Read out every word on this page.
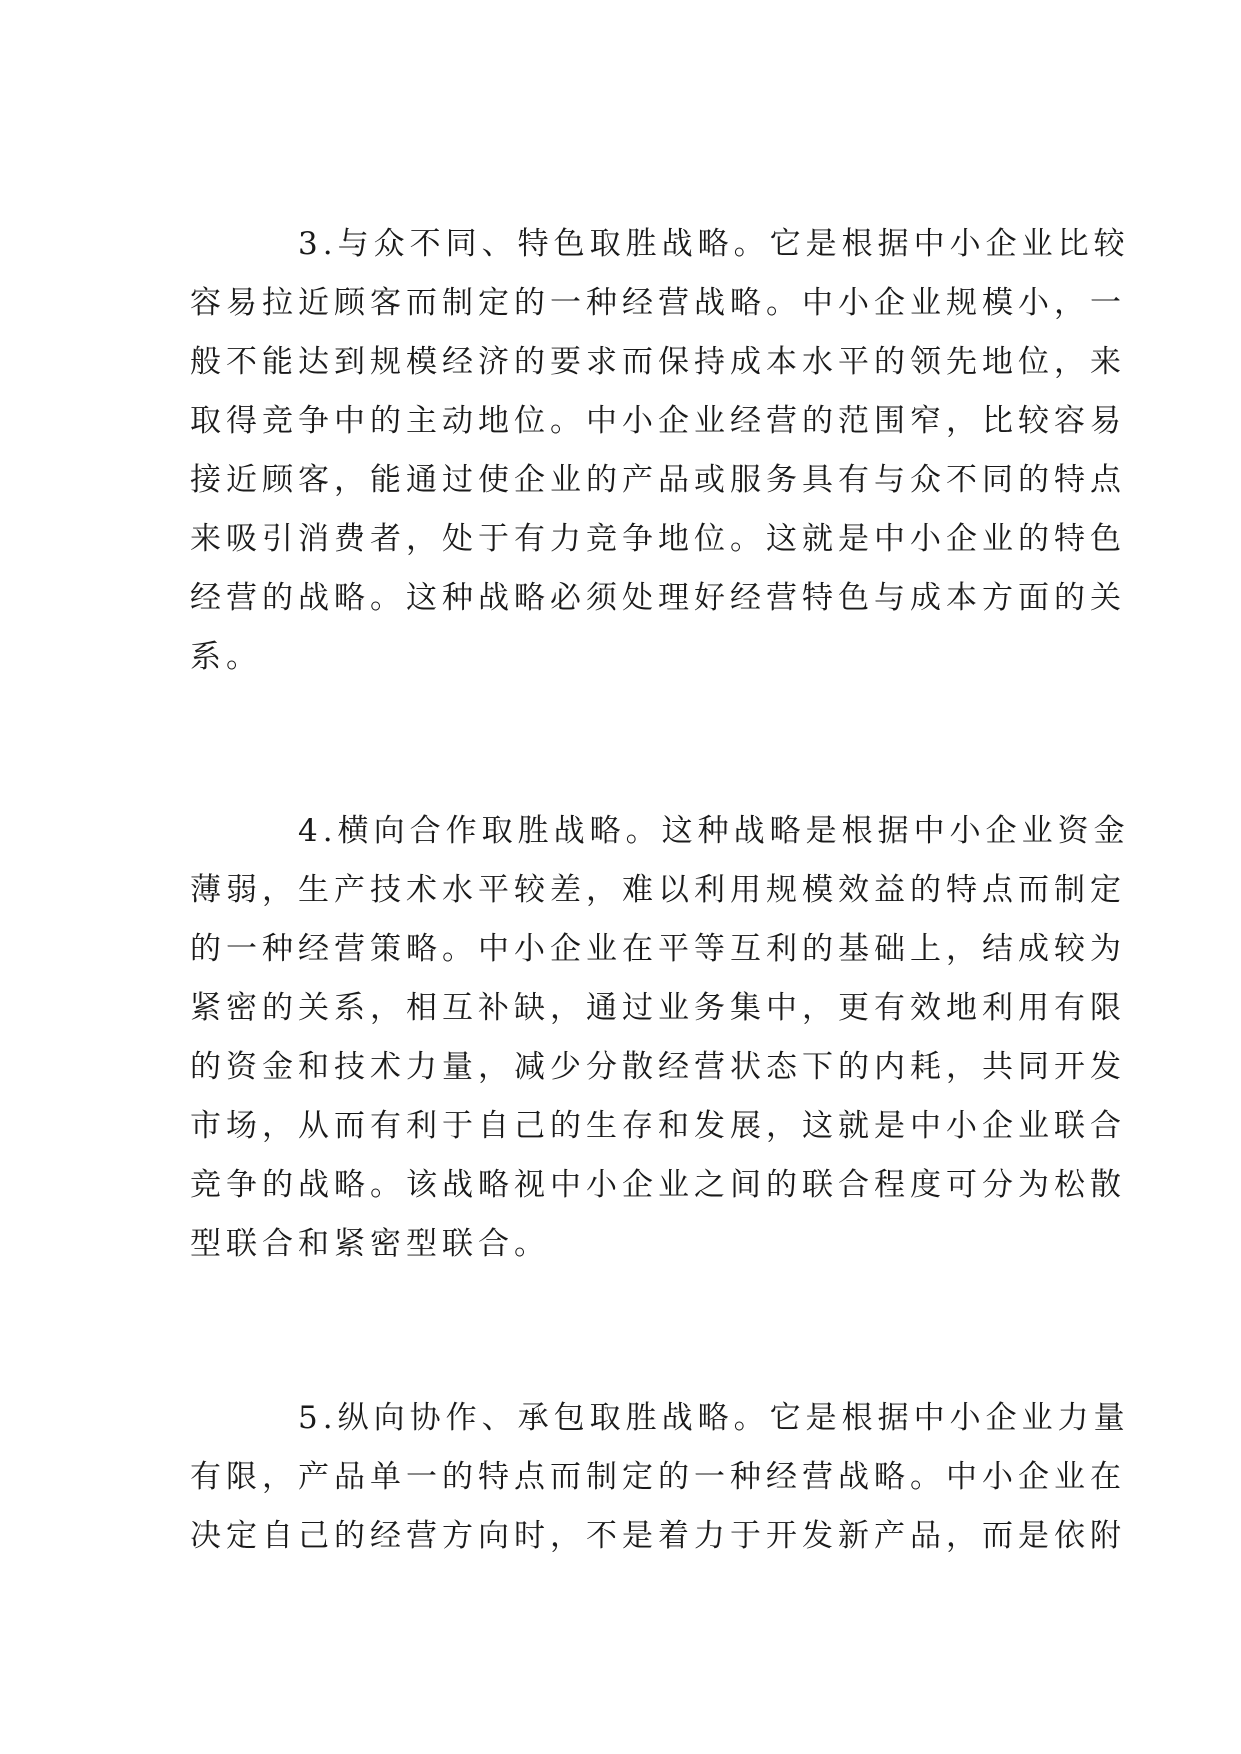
3.与众不同、特色取胜战略。它是根据中小企业比较
容易拉近顾客而制定的一种经营战略。中小企业规模小，一
般不能达到规模经济的要求而保持成本水平的领先地位，来
取得竞争中的主动地位。中小企业经营的范围窄，比较容易
接近顾客，能通过使企业的产品或服务具有与众不同的特点
来吸引消费者，处于有力竞争地位。这就是中小企业的特色
经营的战略。这种战略必须处理好经营特色与成本方面的关
系。
4.横向合作取胜战略。这种战略是根据中小企业资金
薄弱，生产技术水平较差，难以利用规模效益的特点而制定
的一种经营策略。中小企业在平等互利的基础上，结成较为
紧密的关系，相互补缺，通过业务集中，更有效地利用有限
的资金和技术力量，减少分散经营状态下的内耗，共同开发
市场，从而有利于自己的生存和发展，这就是中小企业联合
竞争的战略。该战略视中小企业之间的联合程度可分为松散
型联合和紧密型联合。
5.纵向协作、承包取胜战略。它是根据中小企业力量
有限，产品单一的特点而制定的一种经营战略。中小企业在
决定自己的经营方向时，不是着力于开发新产品，而是依附
